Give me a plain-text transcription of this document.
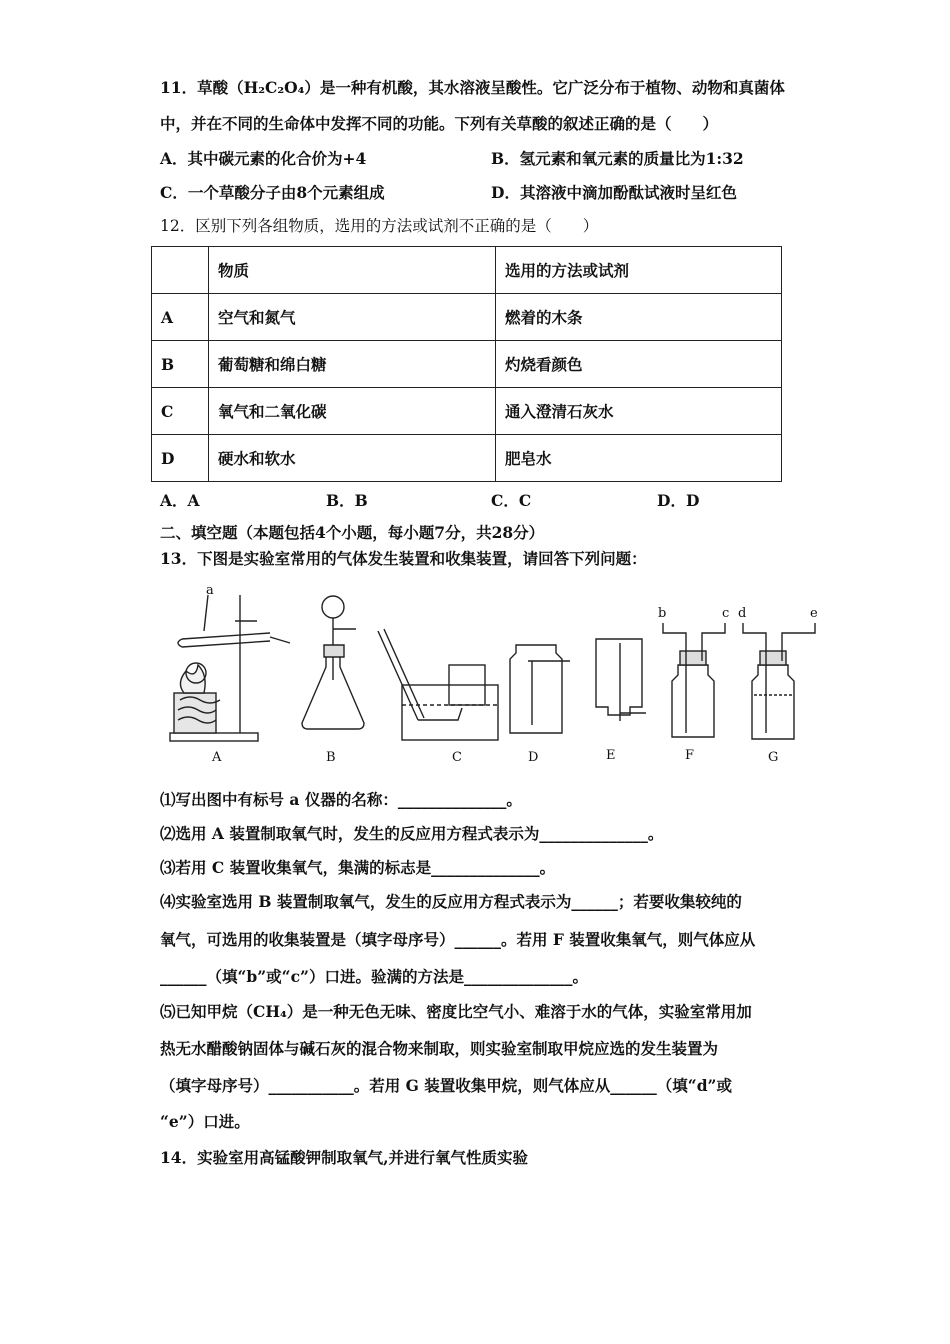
11．草酸（H₂C₂O₄）是一种有机酸，其水溶液呈酸性。它广泛分布于植物、动物和真菌体
中，并在不同的生命体中发挥不同的功能。下列有关草酸的叙述正确的是（　　）
A．其中碳元素的化合价为+4	B．氢元素和氧元素的质量比为1:32
C．一个草酸分子由8个元素组成	D．其溶液中滴加酚酞试液时呈红色
12．区别下列各组物质，选用的方法或试剂不正确的是（　　）
	物质	选用的方法或试剂
A	空气和氮气	燃着的木条
B	葡萄糖和绵白糖	灼烧看颜色
C	氧气和二氧化碳	通入澄清石灰水
D	硬水和软水	肥皂水
A．A	B．B	C．C	D．D
二、填空题（本题包括4个小题，每小题7分，共28分）
13．下图是实验室常用的气体发生装置和收集装置，请回答下列问题：
a
b	c d	e
A	B	C	D	E	F	G
⑴写出图中有标号 a 仪器的名称：______________。
⑵选用 A 装置制取氧气时，发生的反应用方程式表示为______________。
⑶若用 C 装置收集氧气，集满的标志是______________。
⑷实验室选用 B 装置制取氧气，发生的反应用方程式表示为______；若要收集较纯的
氧气，可选用的收集装置是（填字母序号）______。若用 F 装置收集氧气，则气体应从
______（填“b”或“c”）口进。验满的方法是______________。
⑸已知甲烷（CH₄）是一种无色无味、密度比空气小、难溶于水的气体，实验室常用加
热无水醋酸钠固体与碱石灰的混合物来制取，则实验室制取甲烷应选的发生装置为
（填字母序号）___________。若用 G 装置收集甲烷，则气体应从______（填“d”或
“e”）口进。
14．实验室用高锰酸钾制取氧气,并进行氧气性质实验
